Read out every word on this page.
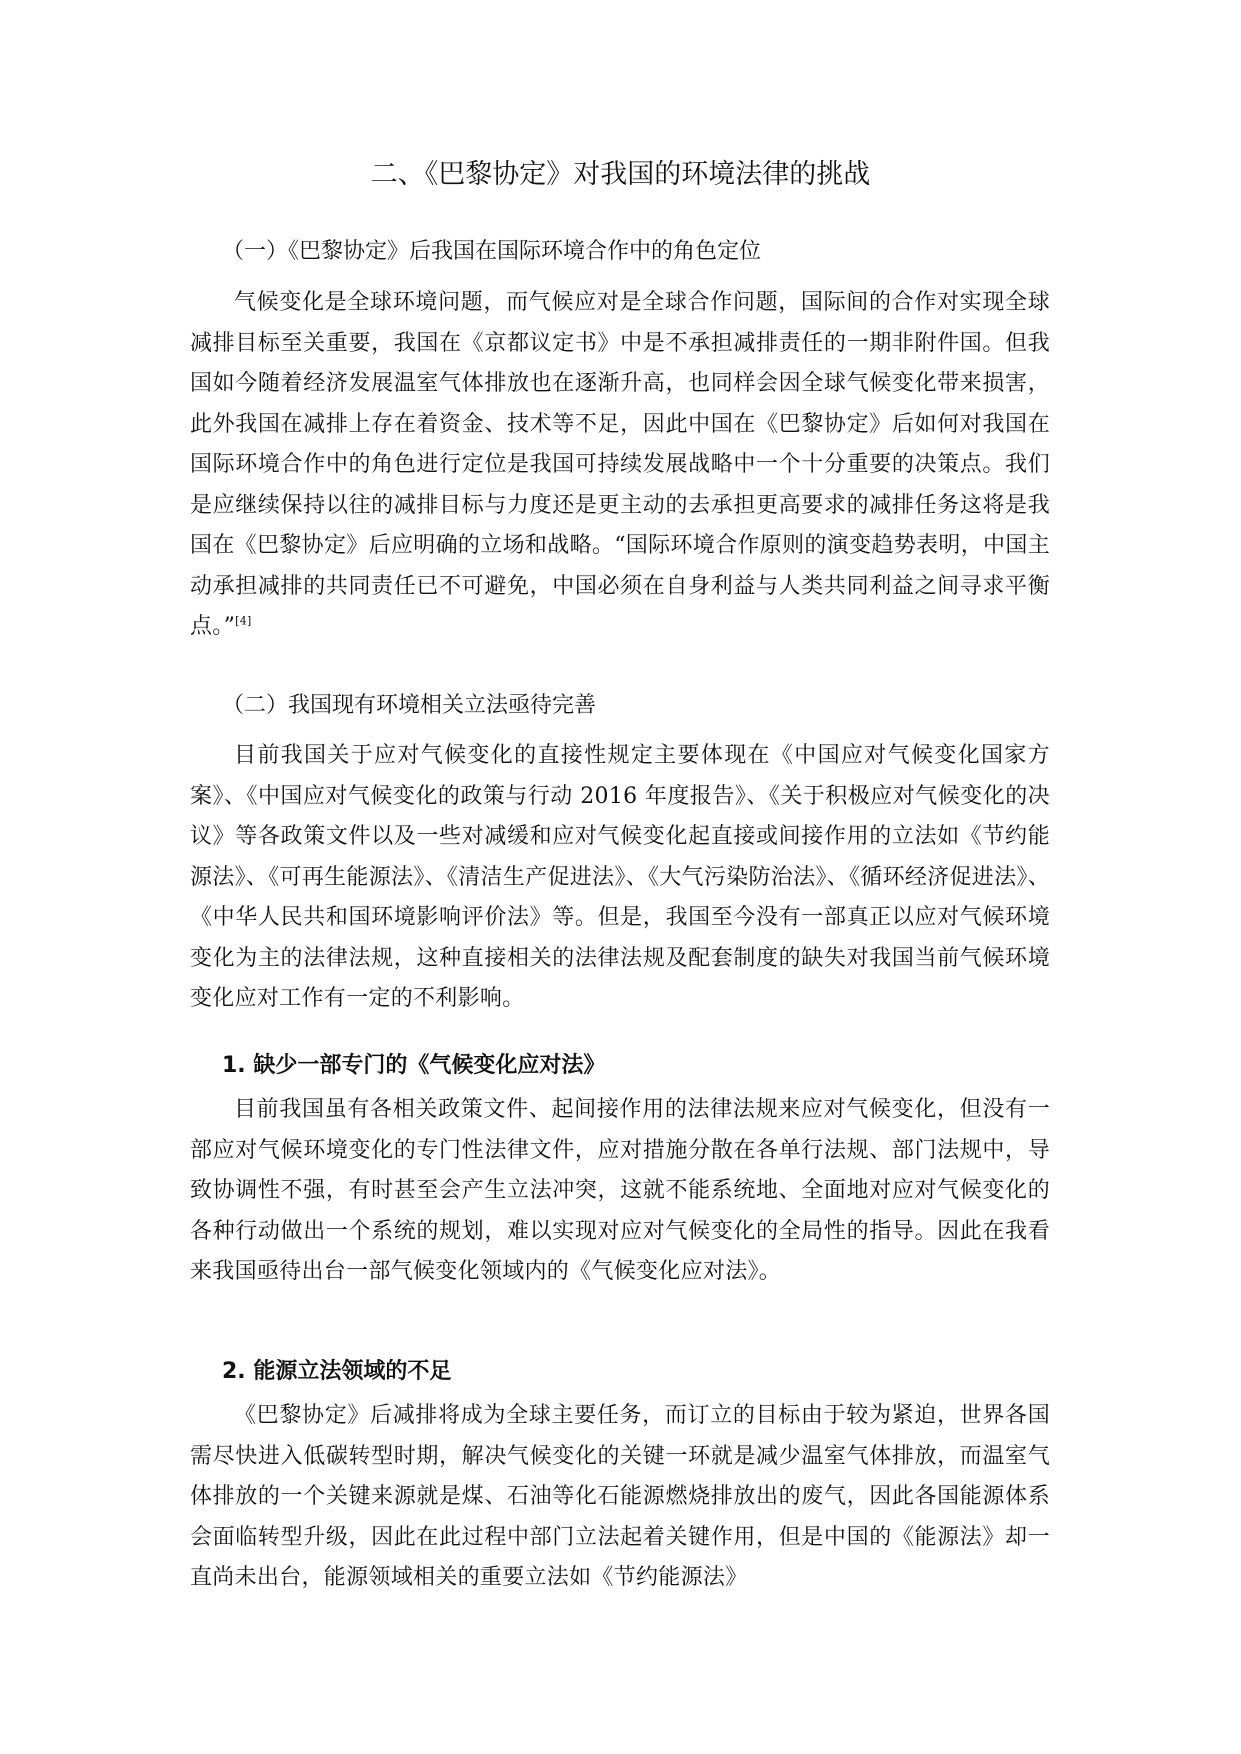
二、《巴黎协定》对我国的环境法律的挑战
（一）《巴黎协定》后我国在国际环境合作中的角色定位

气候变化是全球环境问题，而气候应对是全球合作问题，国际间的合作对实现全球减排目标至关重要，我国在《京都议定书》中是不承担减排责任的一期非附件国。但我国如今随着经济发展温室气体排放也在逐渐升高，也同样会因全球气候变化带来损害，此外我国在减排上存在着资金、技术等不足，因此中国在《巴黎协定》后如何对我国在国际环境合作中的角色进行定位是我国可持续发展战略中一个十分重要的决策点。我们是应继续保持以往的减排目标与力度还是更主动的去承担更高要求的减排任务这将是我国在《巴黎协定》后应明确的立场和战略。“国际环境合作原则的演变趋势表明，中国主动承担减排的共同责任已不可避免，中国必须在自身利益与人类共同利益之间寻求平衡点。”[4]

（二）我国现有环境相关立法亟待完善

目前我国关于应对气候变化的直接性规定主要体现在《中国应对气候变化国家方案》、《中国应对气候变化的政策与行动 2016 年度报告》、《关于积极应对气候变化的决议》等各政策文件以及一些对减缓和应对气候变化起直接或间接作用的立法如《节约能源法》、《可再生能源法》、《清洁生产促进法》、《大气污染防治法》、《循环经济促进法》、《中华人民共和国环境影响评价法》等。但是，我国至今没有一部真正以应对气候环境变化为主的法律法规，这种直接相关的法律法规及配套制度的缺失对我国当前气候环境变化应对工作有一定的不利影响。

1. 缺少一部专门的《气候变化应对法》

目前我国虽有各相关政策文件、起间接作用的法律法规来应对气候变化，但没有一部应对气候环境变化的专门性法律文件，应对措施分散在各单行法规、部门法规中，导致协调性不强，有时甚至会产生立法冲突，这就不能系统地、全面地对应对气候变化的各种行动做出一个系统的规划，难以实现对应对气候变化的全局性的指导。因此在我看来我国亟待出台一部气候变化领域内的《气候变化应对法》。

2. 能源立法领域的不足

《巴黎协定》后减排将成为全球主要任务，而订立的目标由于较为紧迫，世界各国需尽快进入低碳转型时期，解决气候变化的关键一环就是减少温室气体排放，而温室气体排放的一个关键来源就是煤、石油等化石能源燃烧排放出的废气，因此各国能源体系会面临转型升级，因此在此过程中部门立法起着关键作用，但是中国的《能源法》却一直尚未出台，能源领域相关的重要立法如《节约能源法》
